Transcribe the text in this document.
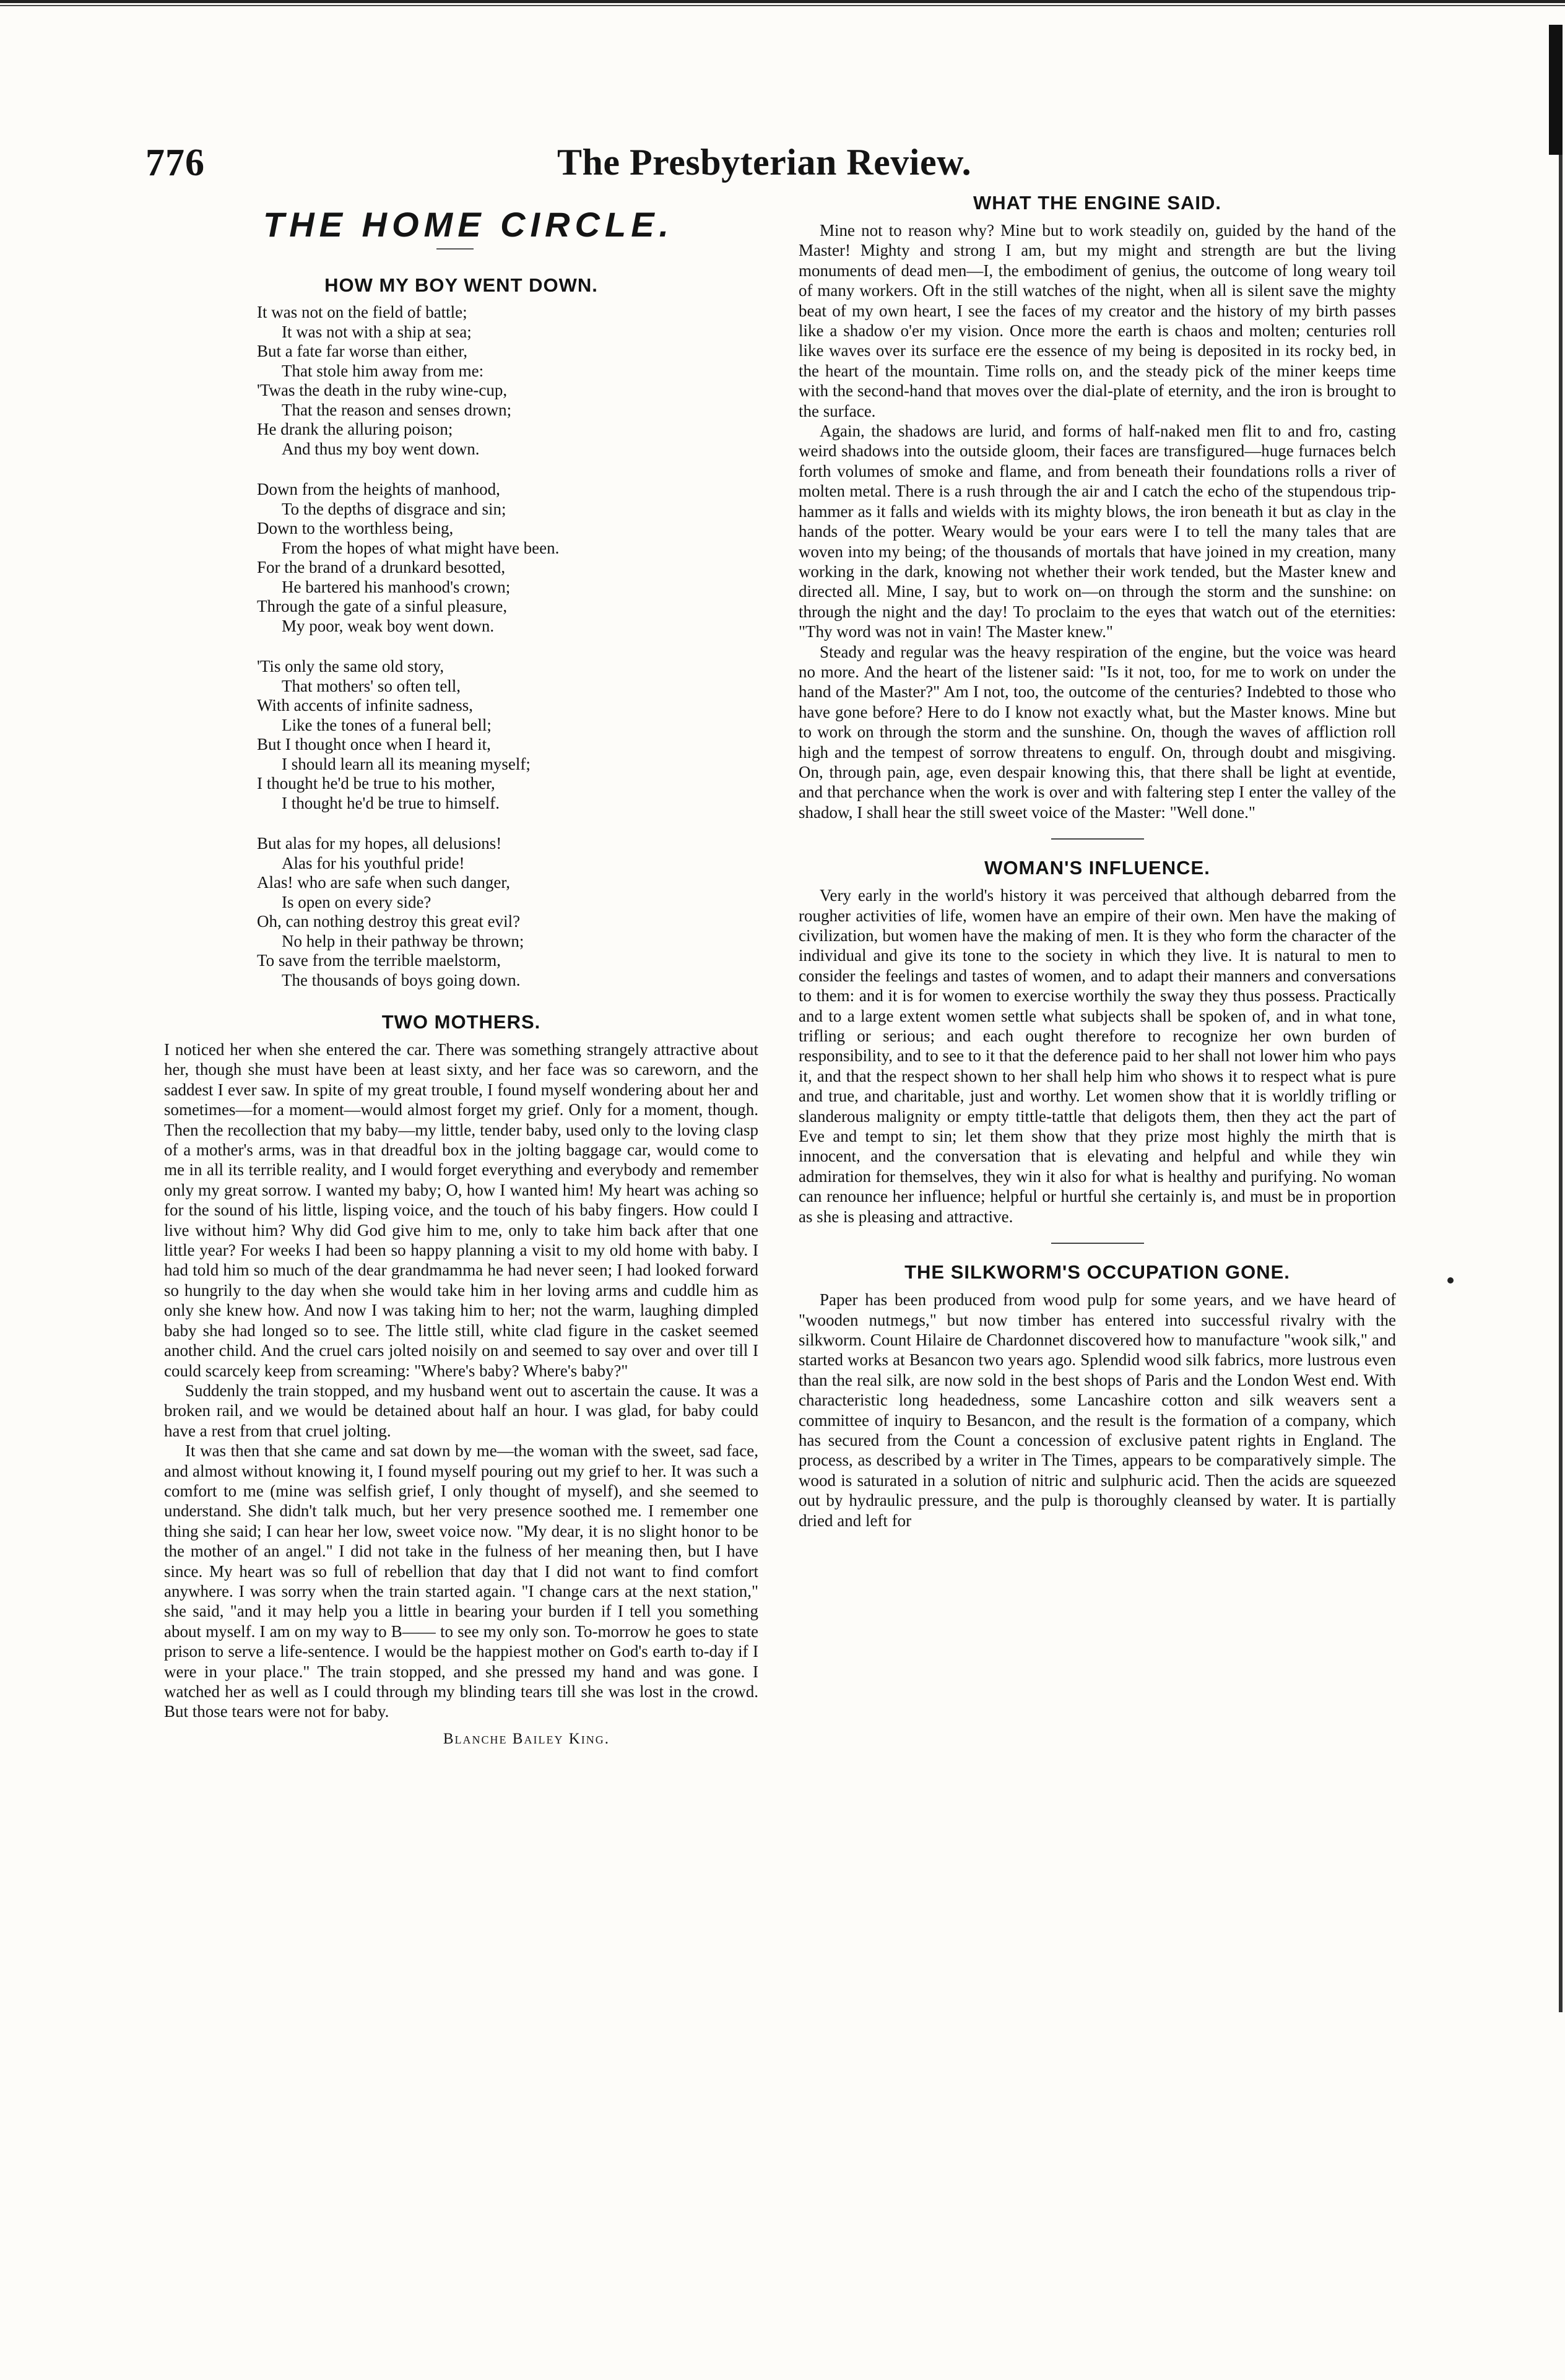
776	The Presbyterian Review.
THE HOME CIRCLE.
HOW MY BOY WENT DOWN.

It was not on the field of battle;

It was not with a ship at sea;

But a fate far worse than either,

That stole him away from me:

'Twas the death in the ruby wine-cup,

That the reason and senses drown;

He drank the alluring poison;

And thus my boy went down.

Down from the heights of manhood,

To the depths of disgrace and sin;

Down to the worthless being,

From the hopes of what might have been.

For the brand of a drunkard besotted,

He bartered his manhood's crown;

Through the gate of a sinful pleasure,

My poor, weak boy went down.

'Tis only the same old story,

That mothers' so often tell,

With accents of infinite sadness,

Like the tones of a funeral bell;

But I thought once when I heard it,

I should learn all its meaning myself;

I thought he'd be true to his mother,

I thought he'd be true to himself.

But alas for my hopes, all delusions!

Alas for his youthful pride!

Alas! who are safe when such danger,

Is open on every side?

Oh, can nothing destroy this great evil?

No help in their pathway be thrown;

To save from the terrible maelstorm,

The thousands of boys going down.

TWO MOTHERS.

I noticed her when she entered the car. There was something strangely attractive about her, though she must have been at least sixty, and her face was so careworn, and the saddest I ever saw. In spite of my great trouble, I found myself wondering about her and sometimes—for a moment—would almost forget my grief. Only for a moment, though. Then the recollection that my baby—my little, tender baby, used only to the loving clasp of a mother's arms, was in that dreadful box in the jolting baggage car, would come to me in all its terrible reality, and I would forget everything and everybody and remember only my great sorrow. I wanted my baby; O, how I wanted him! My heart was aching so for the sound of his little, lisping voice, and the touch of his baby fingers. How could I live without him? Why did God give him to me, only to take him back after that one little year? For weeks I had been so happy planning a visit to my old home with baby. I had told him so much of the dear grandmamma he had never seen; I had looked forward so hungrily to the day when she would take him in her loving arms and cuddle him as only she knew how. And now I was taking him to her; not the warm, laughing dimpled baby she had longed so to see. The little still, white clad figure in the casket seemed another child. And the cruel cars jolted noisily on and seemed to say over and over till I could scarcely keep from screaming: "Where's baby? Where's baby?"

Suddenly the train stopped, and my husband went out to ascertain the cause. It was a broken rail, and we would be detained about half an hour. I was glad, for baby could have a rest from that cruel jolting.

It was then that she came and sat down by me—the woman with the sweet, sad face, and almost without knowing it, I found myself pouring out my grief to her. It was such a comfort to me (mine was selfish grief, I only thought of myself), and she seemed to understand. She didn't talk much, but her very presence soothed me. I remember one thing she said; I can hear her low, sweet voice now. "My dear, it is no slight honor to be the mother of an angel." I did not take in the fulness of her meaning then, but I have since. My heart was so full of rebellion that day that I did not want to find comfort anywhere. I was sorry when the train started again. "I change cars at the next station," she said, "and it may help you a little in bearing your burden if I tell you something about myself. I am on my way to B—— to see my only son. To-morrow he goes to state prison to serve a life-sentence. I would be the happiest mother on God's earth to-day if I were in your place." The train stopped, and she pressed my hand and was gone. I watched her as well as I could through my blinding tears till she was lost in the crowd. But those tears were not for baby.

Blanche Bailey King.
WHAT THE ENGINE SAID.

Mine not to reason why? Mine but to work steadily on, guided by the hand of the Master! Mighty and strong I am, but my might and strength are but the living monuments of dead men—I, the embodiment of genius, the outcome of long weary toil of many workers. Oft in the still watches of the night, when all is silent save the mighty beat of my own heart, I see the faces of my creator and the history of my birth passes like a shadow o'er my vision. Once more the earth is chaos and molten; centuries roll like waves over its surface ere the essence of my being is deposited in its rocky bed, in the heart of the mountain. Time rolls on, and the steady pick of the miner keeps time with the second-hand that moves over the dial-plate of eternity, and the iron is brought to the surface.

Again, the shadows are lurid, and forms of half-naked men flit to and fro, casting weird shadows into the outside gloom, their faces are transfigured—huge furnaces belch forth volumes of smoke and flame, and from beneath their foundations rolls a river of molten metal. There is a rush through the air and I catch the echo of the stupendous trip-hammer as it falls and wields with its mighty blows, the iron beneath it but as clay in the hands of the potter. Weary would be your ears were I to tell the many tales that are woven into my being; of the thousands of mortals that have joined in my creation, many working in the dark, knowing not whether their work tended, but the Master knew and directed all. Mine, I say, but to work on—on through the storm and the sunshine: on through the night and the day! To proclaim to the eyes that watch out of the eternities: "Thy word was not in vain! The Master knew."

Steady and regular was the heavy respiration of the engine, but the voice was heard no more. And the heart of the listener said: "Is it not, too, for me to work on under the hand of the Master?" Am I not, too, the outcome of the centuries? Indebted to those who have gone before? Here to do I know not exactly what, but the Master knows. Mine but to work on through the storm and the sunshine. On, though the waves of affliction roll high and the tempest of sorrow threatens to engulf. On, through doubt and misgiving. On, through pain, age, even despair knowing this, that there shall be light at eventide, and that perchance when the work is over and with faltering step I enter the valley of the shadow, I shall hear the still sweet voice of the Master: "Well done."

WOMAN'S INFLUENCE.

Very early in the world's history it was perceived that although debarred from the rougher activities of life, women have an empire of their own. Men have the making of civilization, but women have the making of men. It is they who form the character of the individual and give its tone to the society in which they live. It is natural to men to consider the feelings and tastes of women, and to adapt their manners and conversations to them: and it is for women to exercise worthily the sway they thus possess. Practically and to a large extent women settle what subjects shall be spoken of, and in what tone, trifling or serious; and each ought therefore to recognize her own burden of responsibility, and to see to it that the deference paid to her shall not lower him who pays it, and that the respect shown to her shall help him who shows it to respect what is pure and true, and charitable, just and worthy. Let women show that it is worldly trifling or slanderous malignity or empty tittle-tattle that deligots them, then they act the part of Eve and tempt to sin; let them show that they prize most highly the mirth that is innocent, and the conversation that is elevating and helpful and while they win admiration for themselves, they win it also for what is healthy and purifying. No woman can renounce her influence; helpful or hurtful she certainly is, and must be in proportion as she is pleasing and attractive.

THE SILKWORM'S OCCUPATION GONE.

Paper has been produced from wood pulp for some years, and we have heard of "wooden nutmegs," but now timber has entered into successful rivalry with the silkworm. Count Hilaire de Chardonnet discovered how to manufacture "wook silk," and started works at Besancon two years ago. Splendid wood silk fabrics, more lustrous even than the real silk, are now sold in the best shops of Paris and the London West end. With characteristic long headedness, some Lancashire cotton and silk weavers sent a committee of inquiry to Besancon, and the result is the formation of a company, which has secured from the Count a concession of exclusive patent rights in England. The process, as described by a writer in The Times, appears to be comparatively simple. The wood is saturated in a solution of nitric and sulphuric acid. Then the acids are squeezed out by hydraulic pressure, and the pulp is thoroughly cleansed by water. It is partially dried and left for
